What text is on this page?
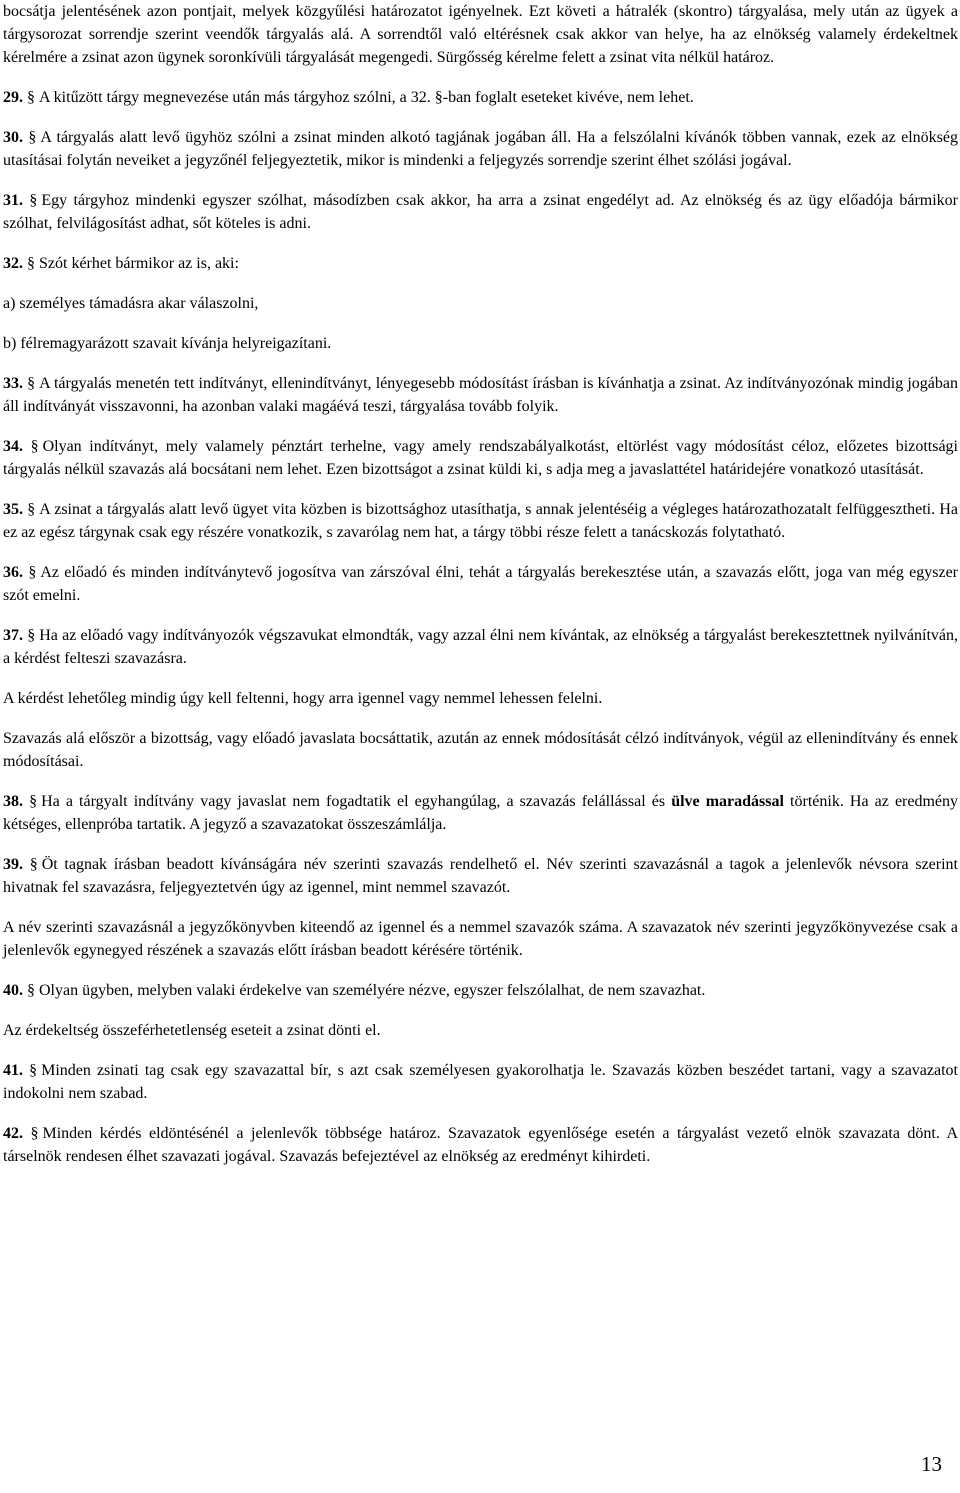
bocsátja jelentésének azon pontjait, melyek közgyűlési határozatot igényelnek. Ezt követi a hátralék (skontro) tárgyalása, mely után az ügyek a tárgysorozat sorrendje szerint veendők tárgyalás alá. A sorrendtől való eltérésnek csak akkor van helye, ha az elnökség valamely érdekeltnek kérelmére a zsinat azon ügynek soronkívüli tárgyalását megengedi. Sürgősség kérelme felett a zsinat vita nélkül határoz.

29. § A kitűzött tárgy megnevezése után más tárgyhoz szólni, a 32. §-ban foglalt eseteket kivéve, nem lehet.

30. § A tárgyalás alatt levő ügyhöz szólni a zsinat minden alkotó tagjának jogában áll. Ha a felszólalni kívánók többen vannak, ezek az elnökség utasításai folytán neveiket a jegyzőnél feljegyeztetik, mikor is mindenki a feljegyzés sorrendje szerint élhet szólási jogával.

31. § Egy tárgyhoz mindenki egyszer szólhat, másodízben csak akkor, ha arra a zsinat engedélyt ad. Az elnökség és az ügy előadója bármikor szólhat, felvilágosítást adhat, sőt köteles is adni.

32. § Szót kérhet bármikor az is, aki:

a) személyes támadásra akar válaszolni,

b) félremagyarázott szavait kívánja helyreigazítani.

33. § A tárgyalás menetén tett indítványt, ellenindítványt, lényegesebb módosítást írásban is kívánhatja a zsinat. Az indítványozónak mindig jogában áll indítványát visszavonni, ha azonban valaki magáévá teszi, tárgyalása tovább folyik.

34. § Olyan indítványt, mely valamely pénztárt terhelne, vagy amely rendszabályalkotást, eltörlést vagy módosítást céloz, előzetes bizottsági tárgyalás nélkül szavazás alá bocsátani nem lehet. Ezen bizottságot a zsinat küldi ki, s adja meg a javaslattétel határidejére vonatkozó utasítását.

35. § A zsinat a tárgyalás alatt levő ügyet vita közben is bizottsághoz utasíthatja, s annak jelentéséig a végleges határozathozatalt felfüggesztheti. Ha ez az egész tárgynak csak egy részére vonatkozik, s zavarólag nem hat, a tárgy többi része felett a tanácskozás folytatható.

36. § Az előadó és minden indítványtevő jogosítva van zárszóval élni, tehát a tárgyalás berekesztése után, a szavazás előtt, joga van még egyszer szót emelni.

37. § Ha az előadó vagy indítványozók végszavukat elmondták, vagy azzal élni nem kívántak, az elnökség a tárgyalást berekesztettnek nyilvánítván, a kérdést felteszi szavazásra.

A kérdést lehetőleg mindig úgy kell feltenni, hogy arra igennel vagy nemmel lehessen felelni.

Szavazás alá először a bizottság, vagy előadó javaslata bocsáttatik, azután az ennek módosítását célzó indítványok, végül az ellenindítvány és ennek módosításai.

38. § Ha a tárgyalt indítvány vagy javaslat nem fogadtatik el egyhangúlag, a szavazás felállással és ülve maradással történik. Ha az eredmény kétséges, ellenpróba tartatik. A jegyző a szavazatokat összeszámlálja.

39. § Öt tagnak írásban beadott kívánságára név szerinti szavazás rendelhető el. Név szerinti szavazásnál a tagok a jelenlevők névsora szerint hivatnak fel szavazásra, feljegyeztetvén úgy az igennel, mint nemmel szavazót.

A név szerinti szavazásnál a jegyzőkönyvben kiteendő az igennel és a nemmel szavazók száma. A szavazatok név szerinti jegyzőkönyvezése csak a jelenlevők egynegyed részének a szavazás előtt írásban beadott kérésére történik.

40. § Olyan ügyben, melyben valaki érdekelve van személyére nézve, egyszer felszólalhat, de nem szavazhat.

Az érdekeltség összeférhetetlenség eseteit a zsinat dönti el.

41. § Minden zsinati tag csak egy szavazattal bír, s azt csak személyesen gyakorolhatja le. Szavazás közben beszédet tartani, vagy a szavazatot indokolni nem szabad.

42. § Minden kérdés eldöntésénél a jelenlevők többsége határoz. Szavazatok egyenlősége esetén a tárgyalást vezető elnök szavazata dönt. A társelnök rendesen élhet szavazati jogával. Szavazás befejeztével az elnökség az eredményt kihirdeti.

13
